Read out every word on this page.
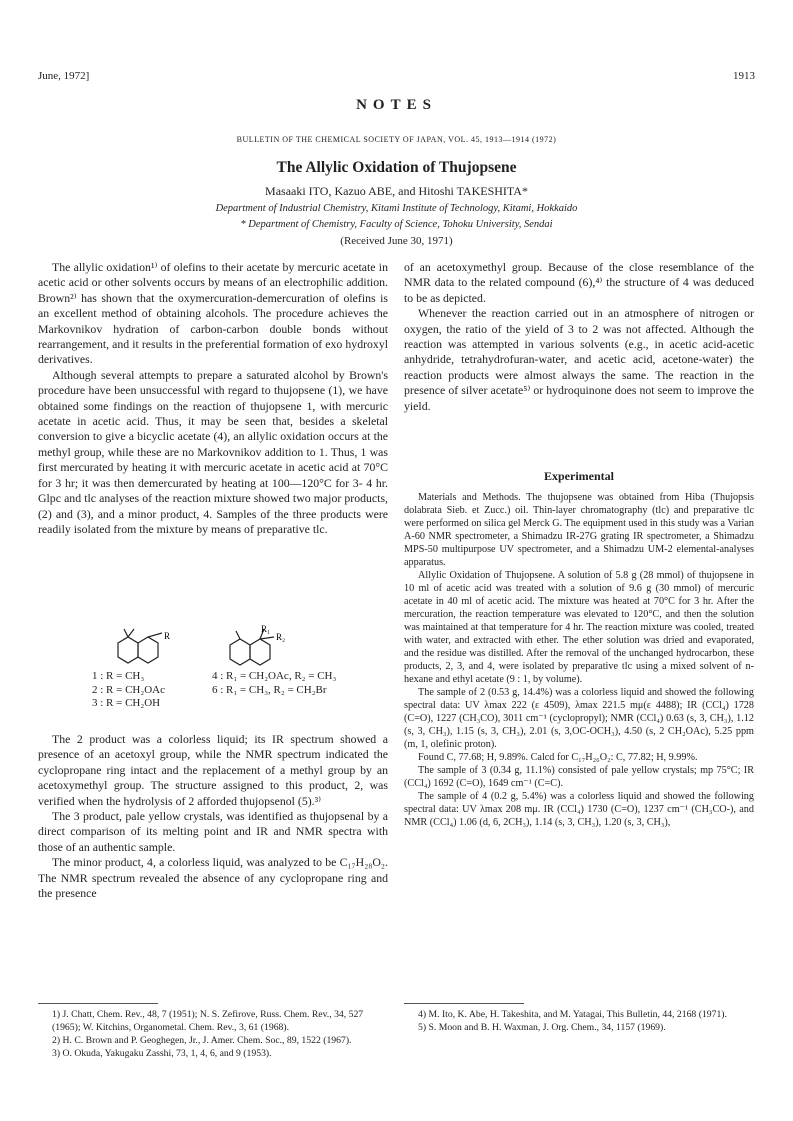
June, 1972]	1913
NOTES
BULLETIN OF THE CHEMICAL SOCIETY OF JAPAN, VOL. 45, 1913—1914 (1972)
The Allylic Oxidation of Thujopsene
Masaaki ITO, Kazuo ABE, and Hitoshi TAKESHITA*
Department of Industrial Chemistry, Kitami Institute of Technology, Kitami, Hokkaido
* Department of Chemistry, Faculty of Science, Tohoku University, Sendai
(Received June 30, 1971)

The allylic oxidation¹⁾ of olefins to their acetate by mercuric acetate in acetic acid or other solvents occurs by means of an electrophilic addition. Brown²⁾ has shown that the oxymercuration-demercuration of olefins is an excellent method of obtaining alcohols. The procedure achieves the Markovnikov hydration of carbon-carbon double bonds without rearrangement, and it results in the preferential formation of exo hydroxyl derivatives.

Although several attempts to prepare a saturated alcohol by Brown's procedure have been unsuccessful with regard to thujopsene (1), we have obtained some findings on the reaction of thujopsene 1, with mercuric acetate in acetic acid. Thus, it may be seen that, besides a skeletal conversion to give a bicyclic acetate (4), an allylic oxidation occurs at the methyl group, while these are no Markovnikov addition to 1. Thus, 1 was first mercurated by heating it with mercuric acetate in acetic acid at 70°C for 3 hr; it was then demercurated by heating at 100—120°C for 3- 4 hr. Glpc and tlc analyses of the reaction mixture showed two major products, (2) and (3), and a minor product, 4. Samples of the three products were readily isolated from the mixture by means of preparative tlc.

R
R₁
R₂
1 : R = CH₃
2 : R = CH₂OAc
3 : R = CH₂OH
4 : R₁ = CH₂OAc, R₂ = CH₃
6 : R₁ = CH₃, R₂ = CH₂Br

The 2 product was a colorless liquid; its IR spectrum showed a presence of an acetoxyl group, while the NMR spectrum indicated the cyclopropane ring intact and the replacement of a methyl group by an acetoxymethyl group. The structure assigned to this product, 2, was verified when the hydrolysis of 2 afforded thujopsenol (5).³⁾

The 3 product, pale yellow crystals, was identified as thujopsenal by a direct comparison of its melting point and IR and NMR spectra with those of an authentic sample.

The minor product, 4, a colorless liquid, was analyzed to be C₁₇H₂₈O₂. The NMR spectrum revealed the absence of any cyclopropane ring and the presence

1) J. Chatt, Chem. Rev., 48, 7 (1951); N. S. Zefirove, Russ. Chem. Rev., 34, 527 (1965); W. Kitchins, Organometal. Chem. Rev., 3, 61 (1968).

2) H. C. Brown and P. Geoghegen, Jr., J. Amer. Chem. Soc., 89, 1522 (1967).

3) O. Okuda, Yakugaku Zasshi, 73, 1, 4, 6, and 9 (1953).

of an acetoxymethyl group. Because of the close resemblance of the NMR data to the related compound (6),⁴⁾ the structure of 4 was deduced to be as depicted.

Whenever the reaction carried out in an atmosphere of nitrogen or oxygen, the ratio of the yield of 3 to 2 was not affected. Although the reaction was attempted in various solvents (e.g., in acetic acid-acetic anhydride, tetrahydrofuran-water, and acetic acid, acetone-water) the reaction products were almost always the same. The reaction in the presence of silver acetate⁵⁾ or hydroquinone does not seem to improve the yield.

Experimental

Materials and Methods. The thujopsene was obtained from Hiba (Thujopsis dolabrata Sieb. et Zucc.) oil. Thin-layer chromatography (tlc) and preparative tlc were performed on silica gel Merck G. The equipment used in this study was a Varian A-60 NMR spectrometer, a Shimadzu IR-27G grating IR spectrometer, a Shimadzu MPS-50 multipurpose UV spectrometer, and a Shimadzu UM-2 elemental-analyses apparatus.

Allylic Oxidation of Thujopsene. A solution of 5.8 g (28 mmol) of thujopsene in 10 ml of acetic acid was treated with a solution of 9.6 g (30 mmol) of mercuric acetate in 40 ml of acetic acid. The mixture was heated at 70°C for 3 hr. After the mercuration, the reaction temperature was elevated to 120°C, and then the solution was maintained at that temperature for 4 hr. The reaction mixture was cooled, treated with water, and extracted with ether. The ether solution was dried and evaporated, and the residue was distilled. After the removal of the unchanged hydrocarbon, these products, 2, 3, and 4, were isolated by preparative tlc using a mixed solvent of n-hexane and ethyl acetate (9 : 1, by volume).

The sample of 2 (0.53 g, 14.4%) was a colorless liquid and showed the following spectral data: UV λmax 222 (ε 4509), λmax 221.5 mμ(ε 4488); IR (CCl₄) 1728 (C=O), 1227 (CH₃CO), 3011 cm⁻¹ (cyclopropyl); NMR (CCl₄) 0.63 (s, 3, CH₃), 1.12 (s, 3, CH₃), 1.15 (s, 3, CH₃), 2.01 (s, 3,OC-OCH₃), 4.50 (s, 2 CH₂OAc), 5.25 ppm (m, 1, olefinic proton).

Found C, 77.68; H, 9.89%. Calcd for C₁₇H₂₆O₂: C, 77.82; H, 9.99%.

The sample of 3 (0.34 g, 11.1%) consisted of pale yellow crystals; mp 75°C; IR (CCl₄) 1692 (C=O), 1649 cm⁻¹ (C=C).

The sample of 4 (0.2 g, 5.4%) was a colorless liquid and showed the following spectral data: UV λmax 208 mμ. IR (CCl₄) 1730 (C=O), 1237 cm⁻¹ (CH₃CO-), and NMR (CCl₄) 1.06 (d, 6, 2CH₃), 1.14 (s, 3, CH₃), 1.20 (s, 3, CH₃),

4) M. Ito, K. Abe, H. Takeshita, and M. Yatagai, This Bulletin, 44, 2168 (1971).

5) S. Moon and B. H. Waxman, J. Org. Chem., 34, 1157 (1969).
